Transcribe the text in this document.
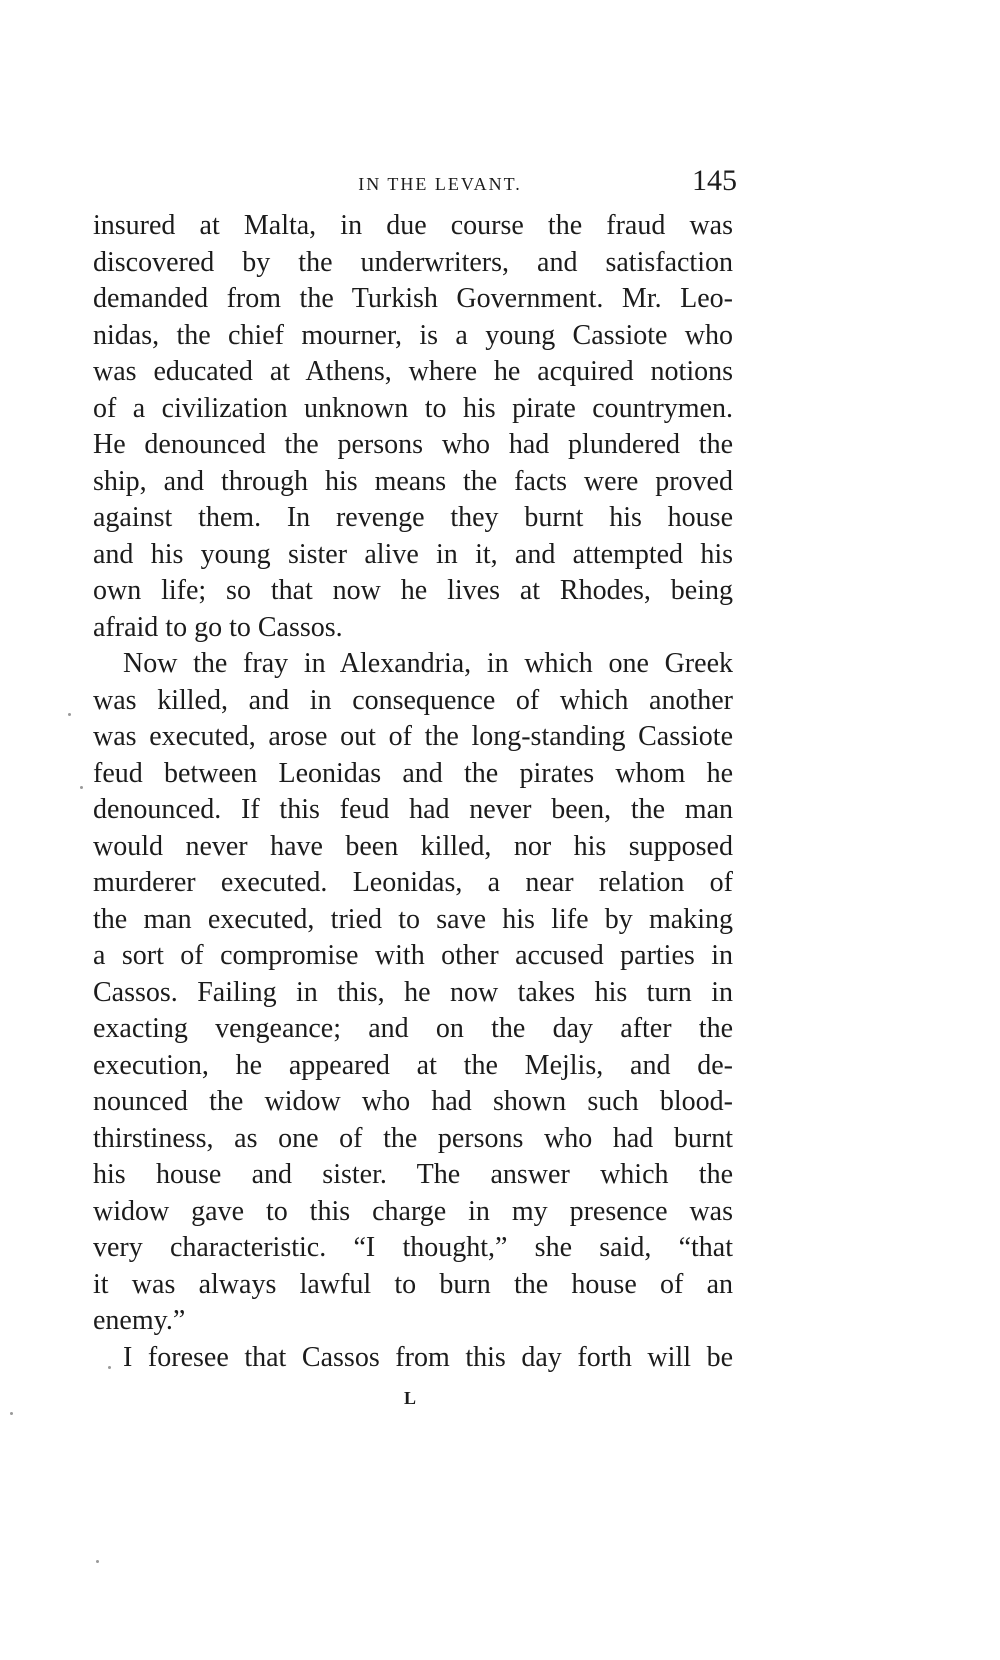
IN THE LEVANT.	145
insured at Malta, in due course the fraud was
discovered by the underwriters, and satisfaction
demanded from the Turkish Government. Mr. Leo-
nidas, the chief mourner, is a young Cassiote who
was educated at Athens, where he acquired notions
of a civilization unknown to his pirate countrymen.
He denounced the persons who had plundered the
ship, and through his means the facts were proved
against them. In revenge they burnt his house
and his young sister alive in it, and attempted his
own life; so that now he lives at Rhodes, being
afraid to go to Cassos.
Now the fray in Alexandria, in which one Greek
was killed, and in consequence of which another
was executed, arose out of the long-standing Cassiote
feud between Leonidas and the pirates whom he
denounced. If this feud had never been, the man
would never have been killed, nor his supposed
murderer executed. Leonidas, a near relation of
the man executed, tried to save his life by making
a sort of compromise with other accused parties in
Cassos. Failing in this, he now takes his turn in
exacting vengeance; and on the day after the
execution, he appeared at the Mejlis, and de-
nounced the widow who had shown such blood-
thirstiness, as one of the persons who had burnt
his house and sister. The answer which the
widow gave to this charge in my presence was
very characteristic. “I thought,” she said, “that
it was always lawful to burn the house of an
enemy.”
I foresee that Cassos from this day forth will be
L
